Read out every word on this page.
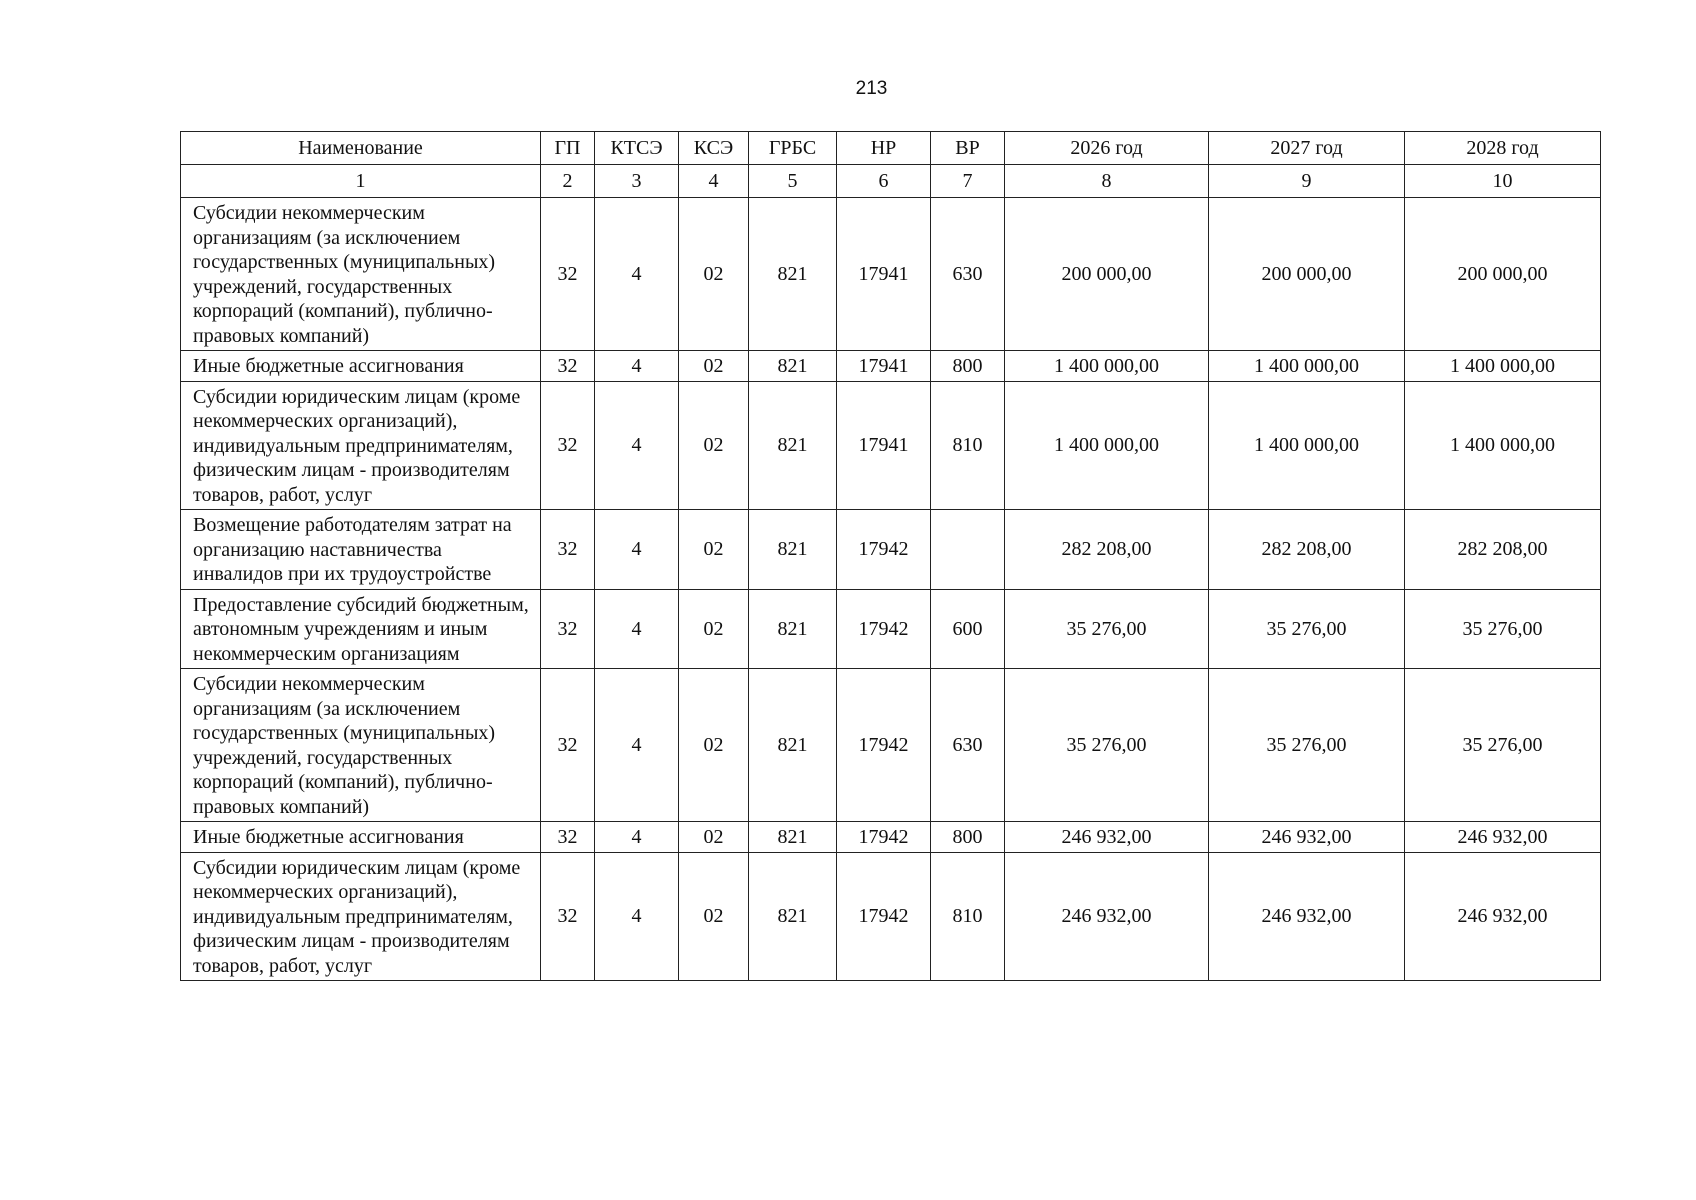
213
Наименование	ГП	КТСЭ	КСЭ	ГРБС	НР	ВР	2026 год	2027 год	2028 год
1	2	3	4	5	6	7	8	9	10
Субсидии некоммерческим организациям (за исключением государственных (муниципальных) учреждений, государственных корпораций (компаний), публично-правовых компаний)	32	4	02	821	17941	630	200 000,00	200 000,00	200 000,00
Иные бюджетные ассигнования	32	4	02	821	17941	800	1 400 000,00	1 400 000,00	1 400 000,00
Субсидии юридическим лицам (кроме некоммерческих организаций), индивидуальным предпринимателям, физическим лицам - производителям товаров, работ, услуг	32	4	02	821	17941	810	1 400 000,00	1 400 000,00	1 400 000,00
Возмещение работодателям затрат на организацию наставничества инвалидов при их трудоустройстве	32	4	02	821	17942		282 208,00	282 208,00	282 208,00
Предоставление субсидий бюджетным, автономным учреждениям и иным некоммерческим организациям	32	4	02	821	17942	600	35 276,00	35 276,00	35 276,00
Субсидии некоммерческим организациям (за исключением государственных (муниципальных) учреждений, государственных корпораций (компаний), публично-правовых компаний)	32	4	02	821	17942	630	35 276,00	35 276,00	35 276,00
Иные бюджетные ассигнования	32	4	02	821	17942	800	246 932,00	246 932,00	246 932,00
Субсидии юридическим лицам (кроме некоммерческих организаций), индивидуальным предпринимателям, физическим лицам - производителям товаров, работ, услуг	32	4	02	821	17942	810	246 932,00	246 932,00	246 932,00
